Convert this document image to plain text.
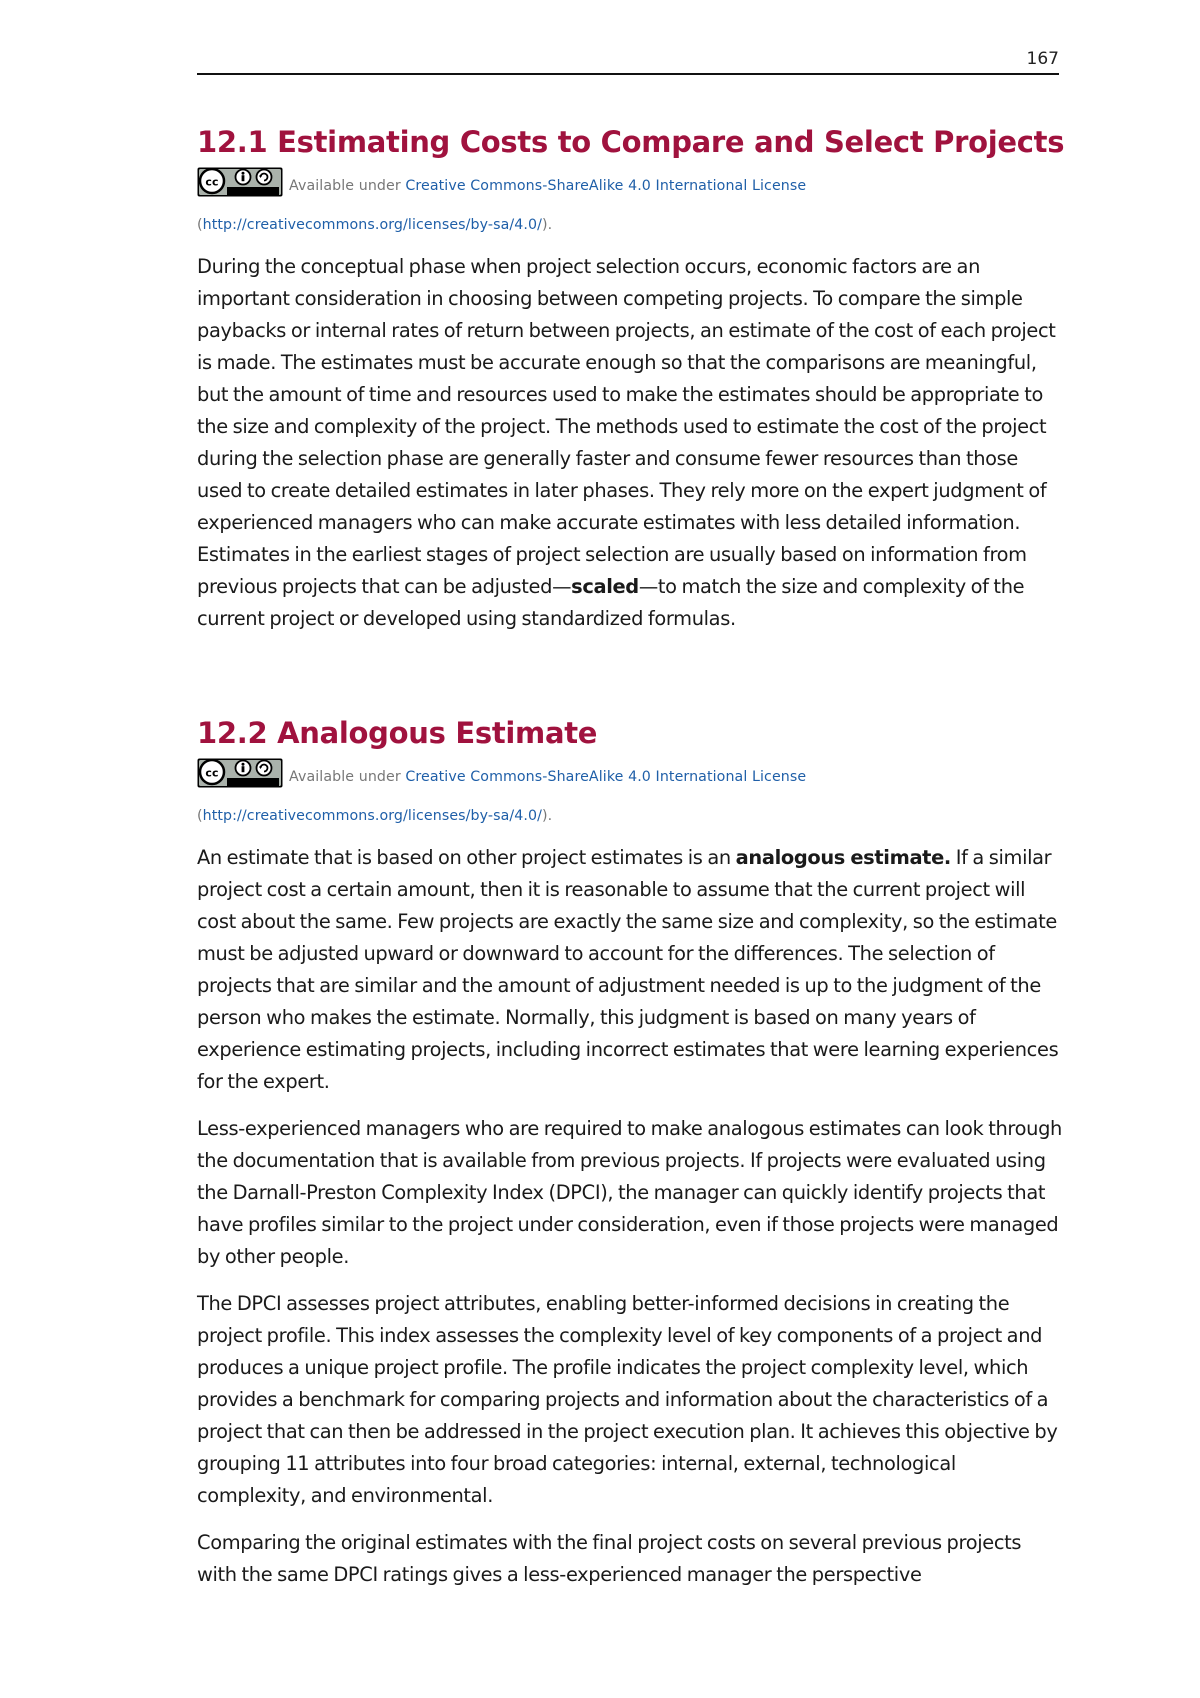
167
12.1 Estimating Costs to Compare and Select Projects
cc	Available under Creative Commons-ShareAlike 4.0 International License (http://creativecommons.org/licenses/by-sa/4.0/).

During the conceptual phase when project selection occurs, economic factors are an important consideration in choosing between competing projects. To compare the simple paybacks or internal rates of return between projects, an estimate of the cost of each project is made. The estimates must be accurate enough so that the comparisons are meaningful, but the amount of time and resources used to make the estimates should be appropriate to the size and complexity of the project. The methods used to estimate the cost of the project during the selection phase are generally faster and consume fewer resources than those used to create detailed estimates in later phases. They rely more on the expert judgment of experienced managers who can make accurate estimates with less detailed information. Estimates in the earliest stages of project selection are usually based on information from previous projects that can be adjusted—scaled—to match the size and complexity of the current project or developed using standardized formulas.

12.2 Analogous Estimate
cc	Available under Creative Commons-ShareAlike 4.0 International License (http://creativecommons.org/licenses/by-sa/4.0/).

An estimate that is based on other project estimates is an analogous estimate. If a similar project cost a certain amount, then it is reasonable to assume that the current project will cost about the same. Few projects are exactly the same size and complexity, so the estimate must be adjusted upward or downward to account for the differences. The selection of projects that are similar and the amount of adjustment needed is up to the judgment of the person who makes the estimate. Normally, this judgment is based on many years of experience estimating projects, including incorrect estimates that were learning experiences for the expert.

Less-experienced managers who are required to make analogous estimates can look through the documentation that is available from previous projects. If projects were evaluated using the Darnall-Preston Complexity Index (DPCI), the manager can quickly identify projects that have profiles similar to the project under consideration, even if those projects were managed by other people.

The DPCI assesses project attributes, enabling better-informed decisions in creating the project profile. This index assesses the complexity level of key components of a project and produces a unique project profile. The profile indicates the project complexity level, which provides a benchmark for comparing projects and information about the characteristics of a project that can then be addressed in the project execution plan. It achieves this objective by grouping 11 attributes into four broad categories: internal, external, technological complexity, and environmental.

Comparing the original estimates with the final project costs on several previous projects with the same DPCI ratings gives a less-experienced manager the perspective
